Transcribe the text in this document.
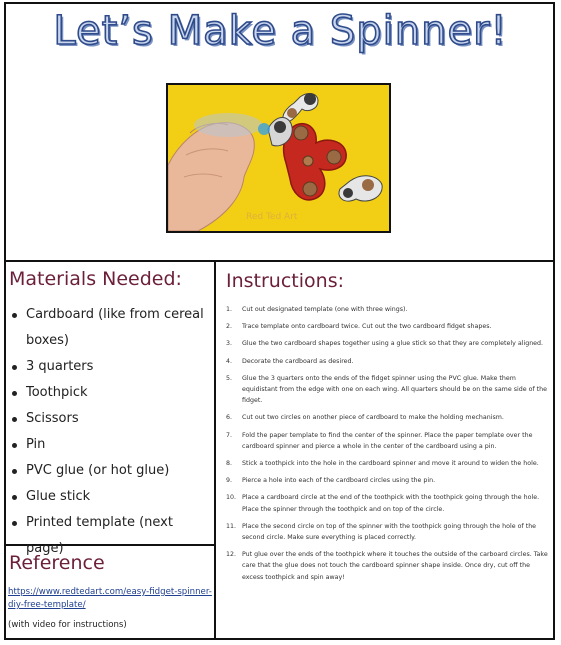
Let’s Make a Spinner!
Red Ted Art
Materials Needed:
Cardboard (like from cereal boxes)
3 quarters
Toothpick
Scissors
Pin
PVC glue (or hot glue)
Glue stick
Printed template (next page)
Reference
https://www.redtedart.com/easy-fidget-spinner-diy-free-template/
(with video for instructions)
Instructions:
1.	Cut out designated template (one with three wings).
2.	Trace template onto cardboard twice. Cut out the two cardboard fidget shapes.
3.	Glue the two cardboard shapes together using a glue stick so that they are completely aligned.
4.	Decorate the cardboard as desired.
5.	Glue the 3 quarters onto the ends of the fidget spinner using the PVC glue. Make them equidistant from the edge with one on each wing. All quarters should be on the same side of the fidget.
6.	Cut out two circles on another piece of cardboard to make the holding mechanism.
7.	Fold the paper template to find the center of the spinner. Place the paper template over the cardboard spinner and pierce a whole in the center of the cardboard using a pin.
8.	Stick a toothpick into the hole in the cardboard spinner and move it around to widen the hole.
9.	Pierce a hole into each of the cardboard circles using the pin.
10. Place a cardboard circle at the end of the toothpick with the toothpick going through the hole. Place the spinner through the toothpick and on top of the circle.
11. Place the second circle on top of the spinner with the toothpick going through the hole of the second circle. Make sure everything is placed correctly.
12. Put glue over the ends of the toothpick where it touches the outside of the carboard circles. Take care that the glue does not touch the cardboard spinner shape inside. Once dry, cut off the excess toothpick and spin away!
